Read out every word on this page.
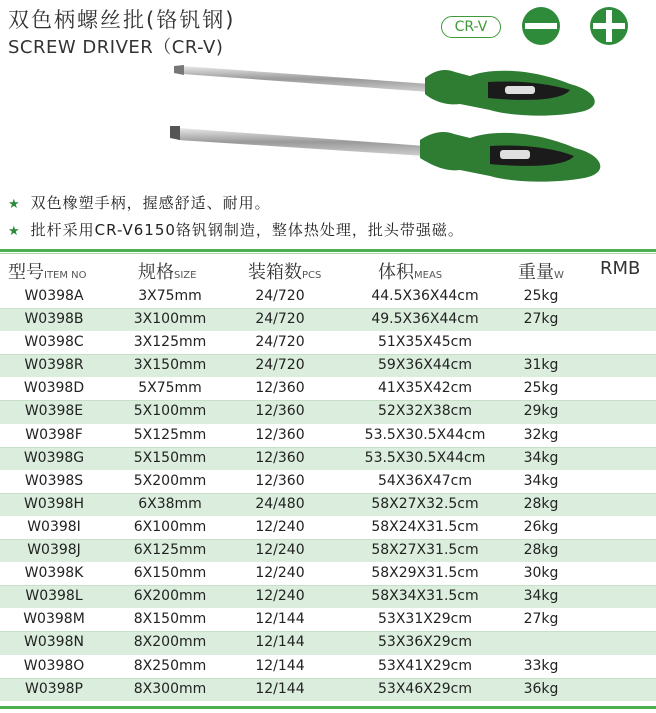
双色柄螺丝批(铬钒钢)
SCREW DRIVER（CR-V)
CR-V
★ 双色橡塑手柄，握感舒适、耐用。
★ 批杆采用CR-V6150铬钒钢制造，整体热处理，批头带强磁。
型号ITEM NO	规格SIZE	装箱数PCS	体积MEAS	重量W RMB
W0398A	3X75mm	24/720	44.5X36X44cm	25kg
W0398B	3X100mm	24/720	49.5X36X44cm	27kg
W0398C	3X125mm	24/720	51X35X45cm
W0398R	3X150mm	24/720	59X36X44cm	31kg
W0398D	5X75mm	12/360	41X35X42cm	25kg
W0398E	5X100mm	12/360	52X32X38cm	29kg
W0398F	5X125mm	12/360	53.5X30.5X44cm	32kg
W0398G	5X150mm	12/360	53.5X30.5X44cm	34kg
W0398S	5X200mm	12/360	54X36X47cm	34kg
W0398H	6X38mm	24/480	58X27X32.5cm	28kg
W0398I	6X100mm	12/240	58X24X31.5cm	26kg
W0398J	6X125mm	12/240	58X27X31.5cm	28kg
W0398K	6X150mm	12/240	58X29X31.5cm	30kg
W0398L	6X200mm	12/240	58X34X31.5cm	34kg
W0398M	8X150mm	12/144	53X31X29cm	27kg
W0398N	8X200mm	12/144	53X36X29cm
W0398O	8X250mm	12/144	53X41X29cm	33kg
W0398P	8X300mm	12/144	53X46X29cm	36kg
